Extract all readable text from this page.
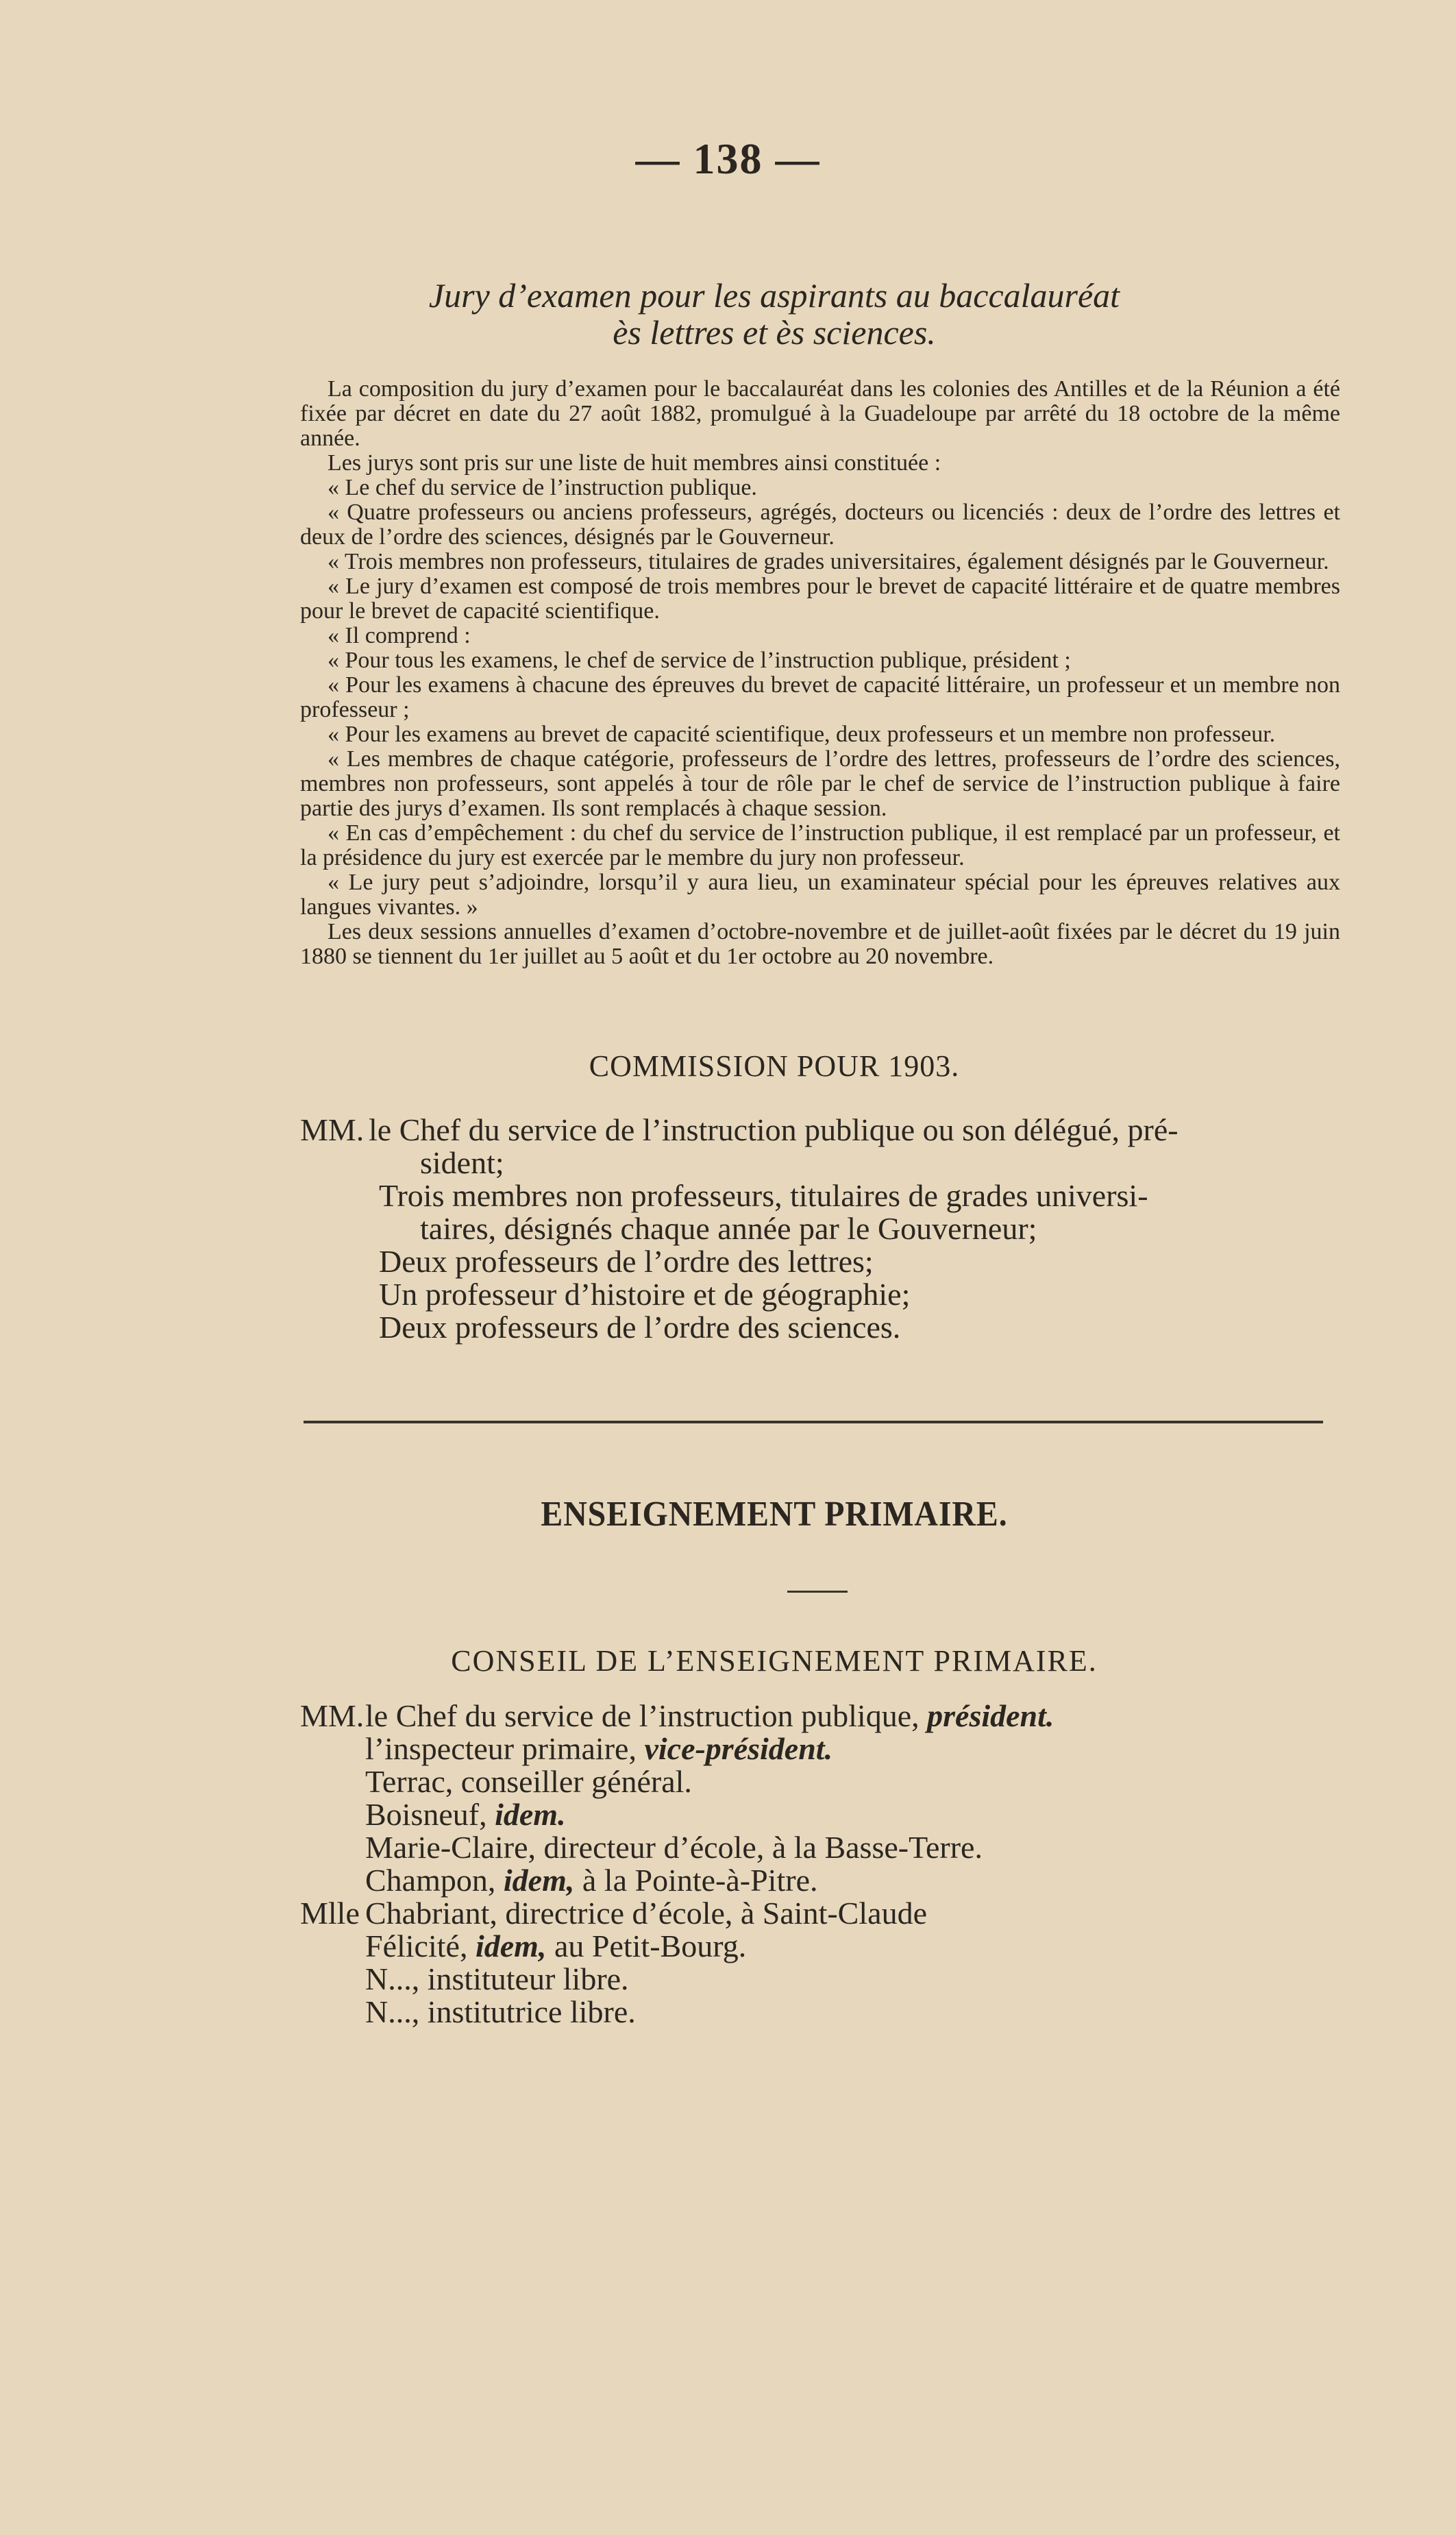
— 138 —
Jury d’examen pour les aspirants au baccalauréat
ès lettres et ès sciences.

La composition du jury d’examen pour le baccalauréat dans les colonies des Antilles et de la Réunion a été fixée par décret en date du 27 août 1882, promulgué à la Guadeloupe par arrêté du 18 octobre de la même année.

Les jurys sont pris sur une liste de huit membres ainsi constituée :

« Le chef du service de l’instruction publique.

« Quatre professeurs ou anciens professeurs, agrégés, docteurs ou licenciés : deux de l’ordre des lettres et deux de l’ordre des sciences, désignés par le Gouverneur.

« Trois membres non professeurs, titulaires de grades universitaires, également désignés par le Gouverneur.

« Le jury d’examen est composé de trois membres pour le brevet de capacité littéraire et de quatre membres pour le brevet de capacité scientifique.

« Il comprend :

« Pour tous les examens, le chef de service de l’instruction publique, président ;

« Pour les examens à chacune des épreuves du brevet de capacité littéraire, un professeur et un membre non professeur ;

« Pour les examens au brevet de capacité scientifique, deux professeurs et un membre non professeur.

« Les membres de chaque catégorie, professeurs de l’ordre des lettres, professeurs de l’ordre des sciences, membres non professeurs, sont appelés à tour de rôle par le chef de service de l’instruction publique à faire partie des jurys d’examen. Ils sont remplacés à chaque session.

« En cas d’empêchement : du chef du service de l’instruction publique, il est remplacé par un professeur, et la présidence du jury est exercée par le membre du jury non professeur.

« Le jury peut s’adjoindre, lorsqu’il y aura lieu, un examinateur spécial pour les épreuves relatives aux langues vivantes. »

Les deux sessions annuelles d’examen d’octobre-novembre et de juillet-août fixées par le décret du 19 juin 1880 se tiennent du 1er juillet au 5 août et du 1er octobre au 20 novembre.

COMMISSION POUR 1903.
MM. le Chef du service de l’instruction publique ou son délégué, pré-
sident;
Trois membres non professeurs, titulaires de grades universi-
taires, désignés chaque année par le Gouverneur;
Deux professeurs de l’ordre des lettres;
Un professeur d’histoire et de géographie;
Deux professeurs de l’ordre des sciences.
ENSEIGNEMENT PRIMAIRE.
CONSEIL DE L’ENSEIGNEMENT PRIMAIRE.
MM. le Chef du service de l’instruction publique, président.
l’inspecteur primaire, vice-président.
Terrac, conseiller général.
Boisneuf, idem.
Marie-Claire, directeur d’école, à la Basse-Terre.
Champon, idem, à la Pointe-à-Pitre.
Mlle Chabriant, directrice d’école, à Saint-Claude
Félicité, idem, au Petit-Bourg.
N..., instituteur libre.
N..., institutrice libre.
